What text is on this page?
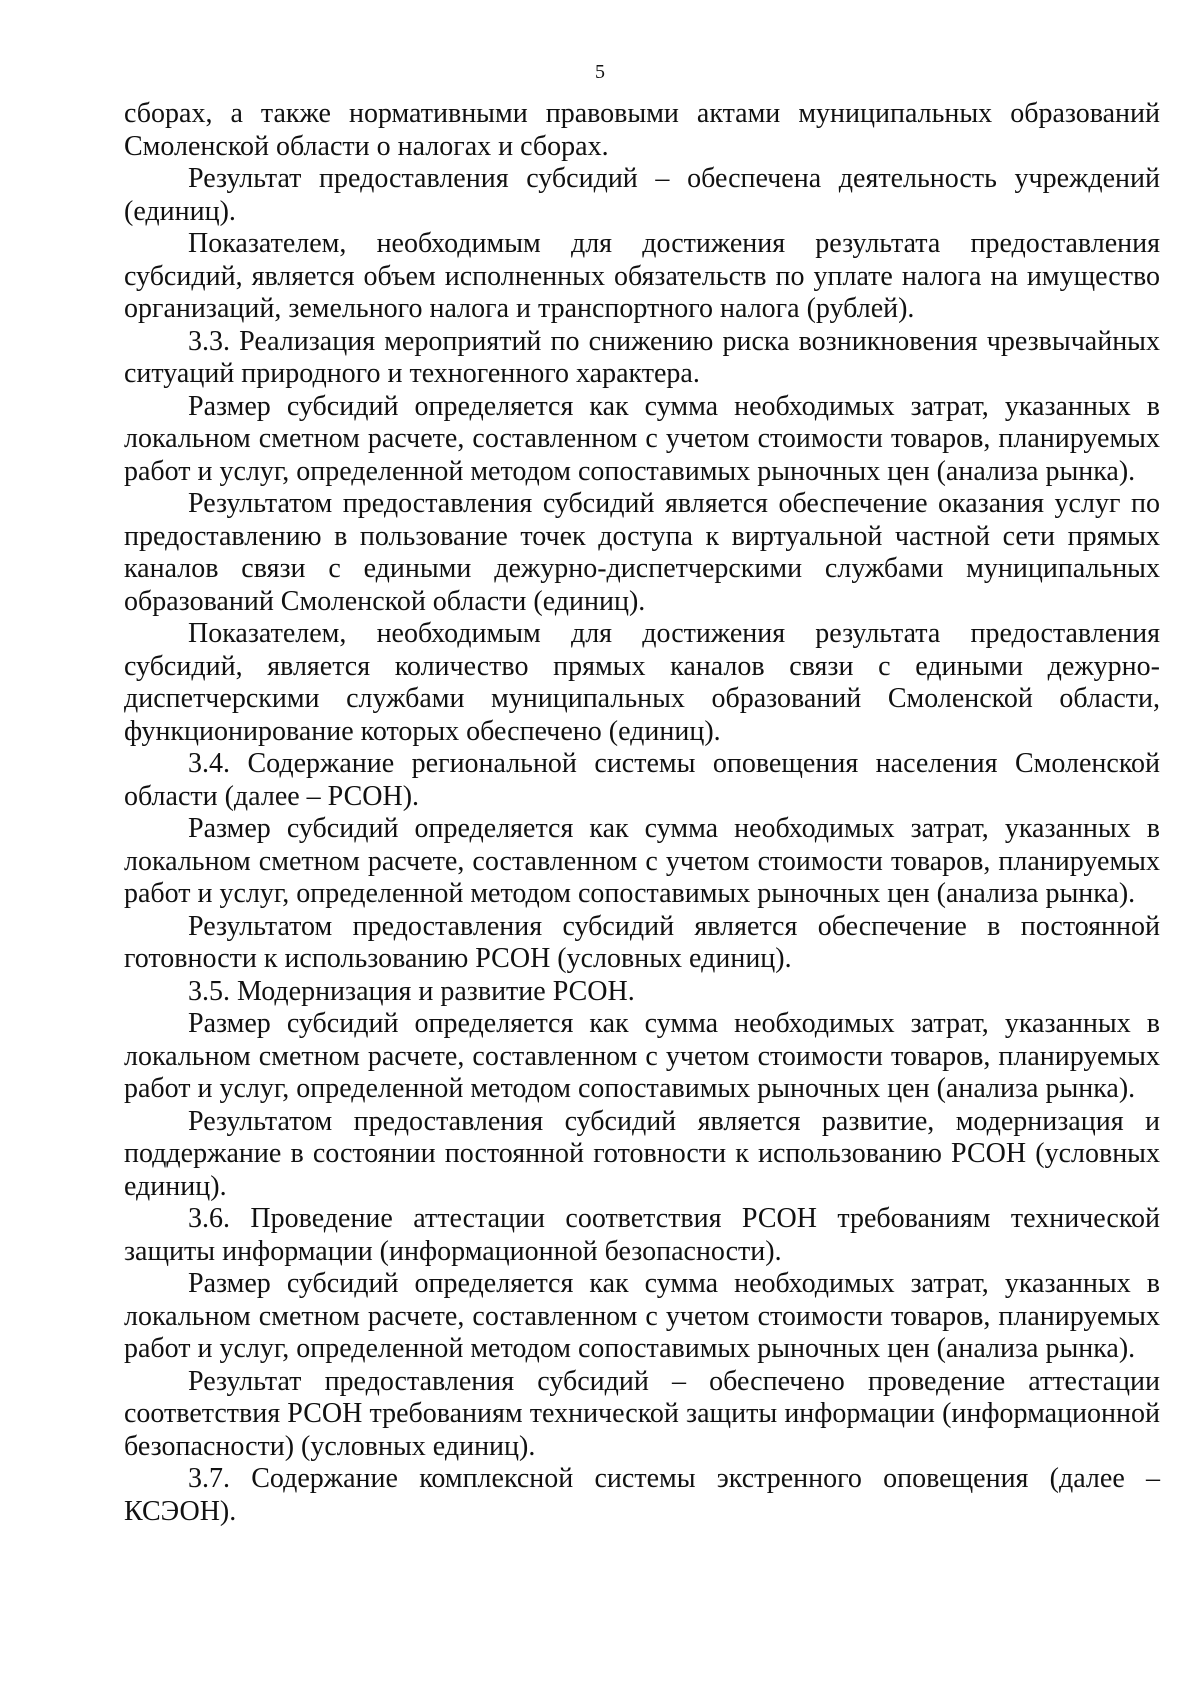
5

сборах, а также нормативными правовыми актами муниципальных образований Смоленской области о налогах и сборах.

Результат предоставления субсидий – обеспечена деятельность учреждений (единиц).

Показателем, необходимым для достижения результата предоставления субсидий, является объем исполненных обязательств по уплате налога на имущество организаций, земельного налога и транспортного налога (рублей).

3.3. Реализация мероприятий по снижению риска возникновения чрезвычайных ситуаций природного и техногенного характера.

Размер субсидий определяется как сумма необходимых затрат, указанных в локальном сметном расчете, составленном с учетом стоимости товаров, планируемых работ и услуг, определенной методом сопоставимых рыночных цен (анализа рынка).

Результатом предоставления субсидий является обеспечение оказания услуг по предоставлению в пользование точек доступа к виртуальной частной сети прямых каналов связи с едиными дежурно-диспетчерскими службами муниципальных образований Смоленской области (единиц).

Показателем, необходимым для достижения результата предоставления субсидий, является количество прямых каналов связи с едиными дежурно-диспетчерскими службами муниципальных образований Смоленской области, функционирование которых обеспечено (единиц).

3.4. Содержание региональной системы оповещения населения Смоленской области (далее – РСОН).

Размер субсидий определяется как сумма необходимых затрат, указанных в локальном сметном расчете, составленном с учетом стоимости товаров, планируемых работ и услуг, определенной методом сопоставимых рыночных цен (анализа рынка).

Результатом предоставления субсидий является обеспечение в постоянной готовности к использованию РСОН (условных единиц).

3.5. Модернизация и развитие РСОН.

Размер субсидий определяется как сумма необходимых затрат, указанных в локальном сметном расчете, составленном с учетом стоимости товаров, планируемых работ и услуг, определенной методом сопоставимых рыночных цен (анализа рынка).

Результатом предоставления субсидий является развитие, модернизация и поддержание в состоянии постоянной готовности к использованию РСОН (условных единиц).

3.6. Проведение аттестации соответствия РСОН требованиям технической защиты информации (информационной безопасности).

Размер субсидий определяется как сумма необходимых затрат, указанных в локальном сметном расчете, составленном с учетом стоимости товаров, планируемых работ и услуг, определенной методом сопоставимых рыночных цен (анализа рынка).

Результат предоставления субсидий – обеспечено проведение аттестации соответствия РСОН требованиям технической защиты информации (информационной безопасности) (условных единиц).

3.7. Содержание комплексной системы экстренного оповещения (далее – КСЭОН).
